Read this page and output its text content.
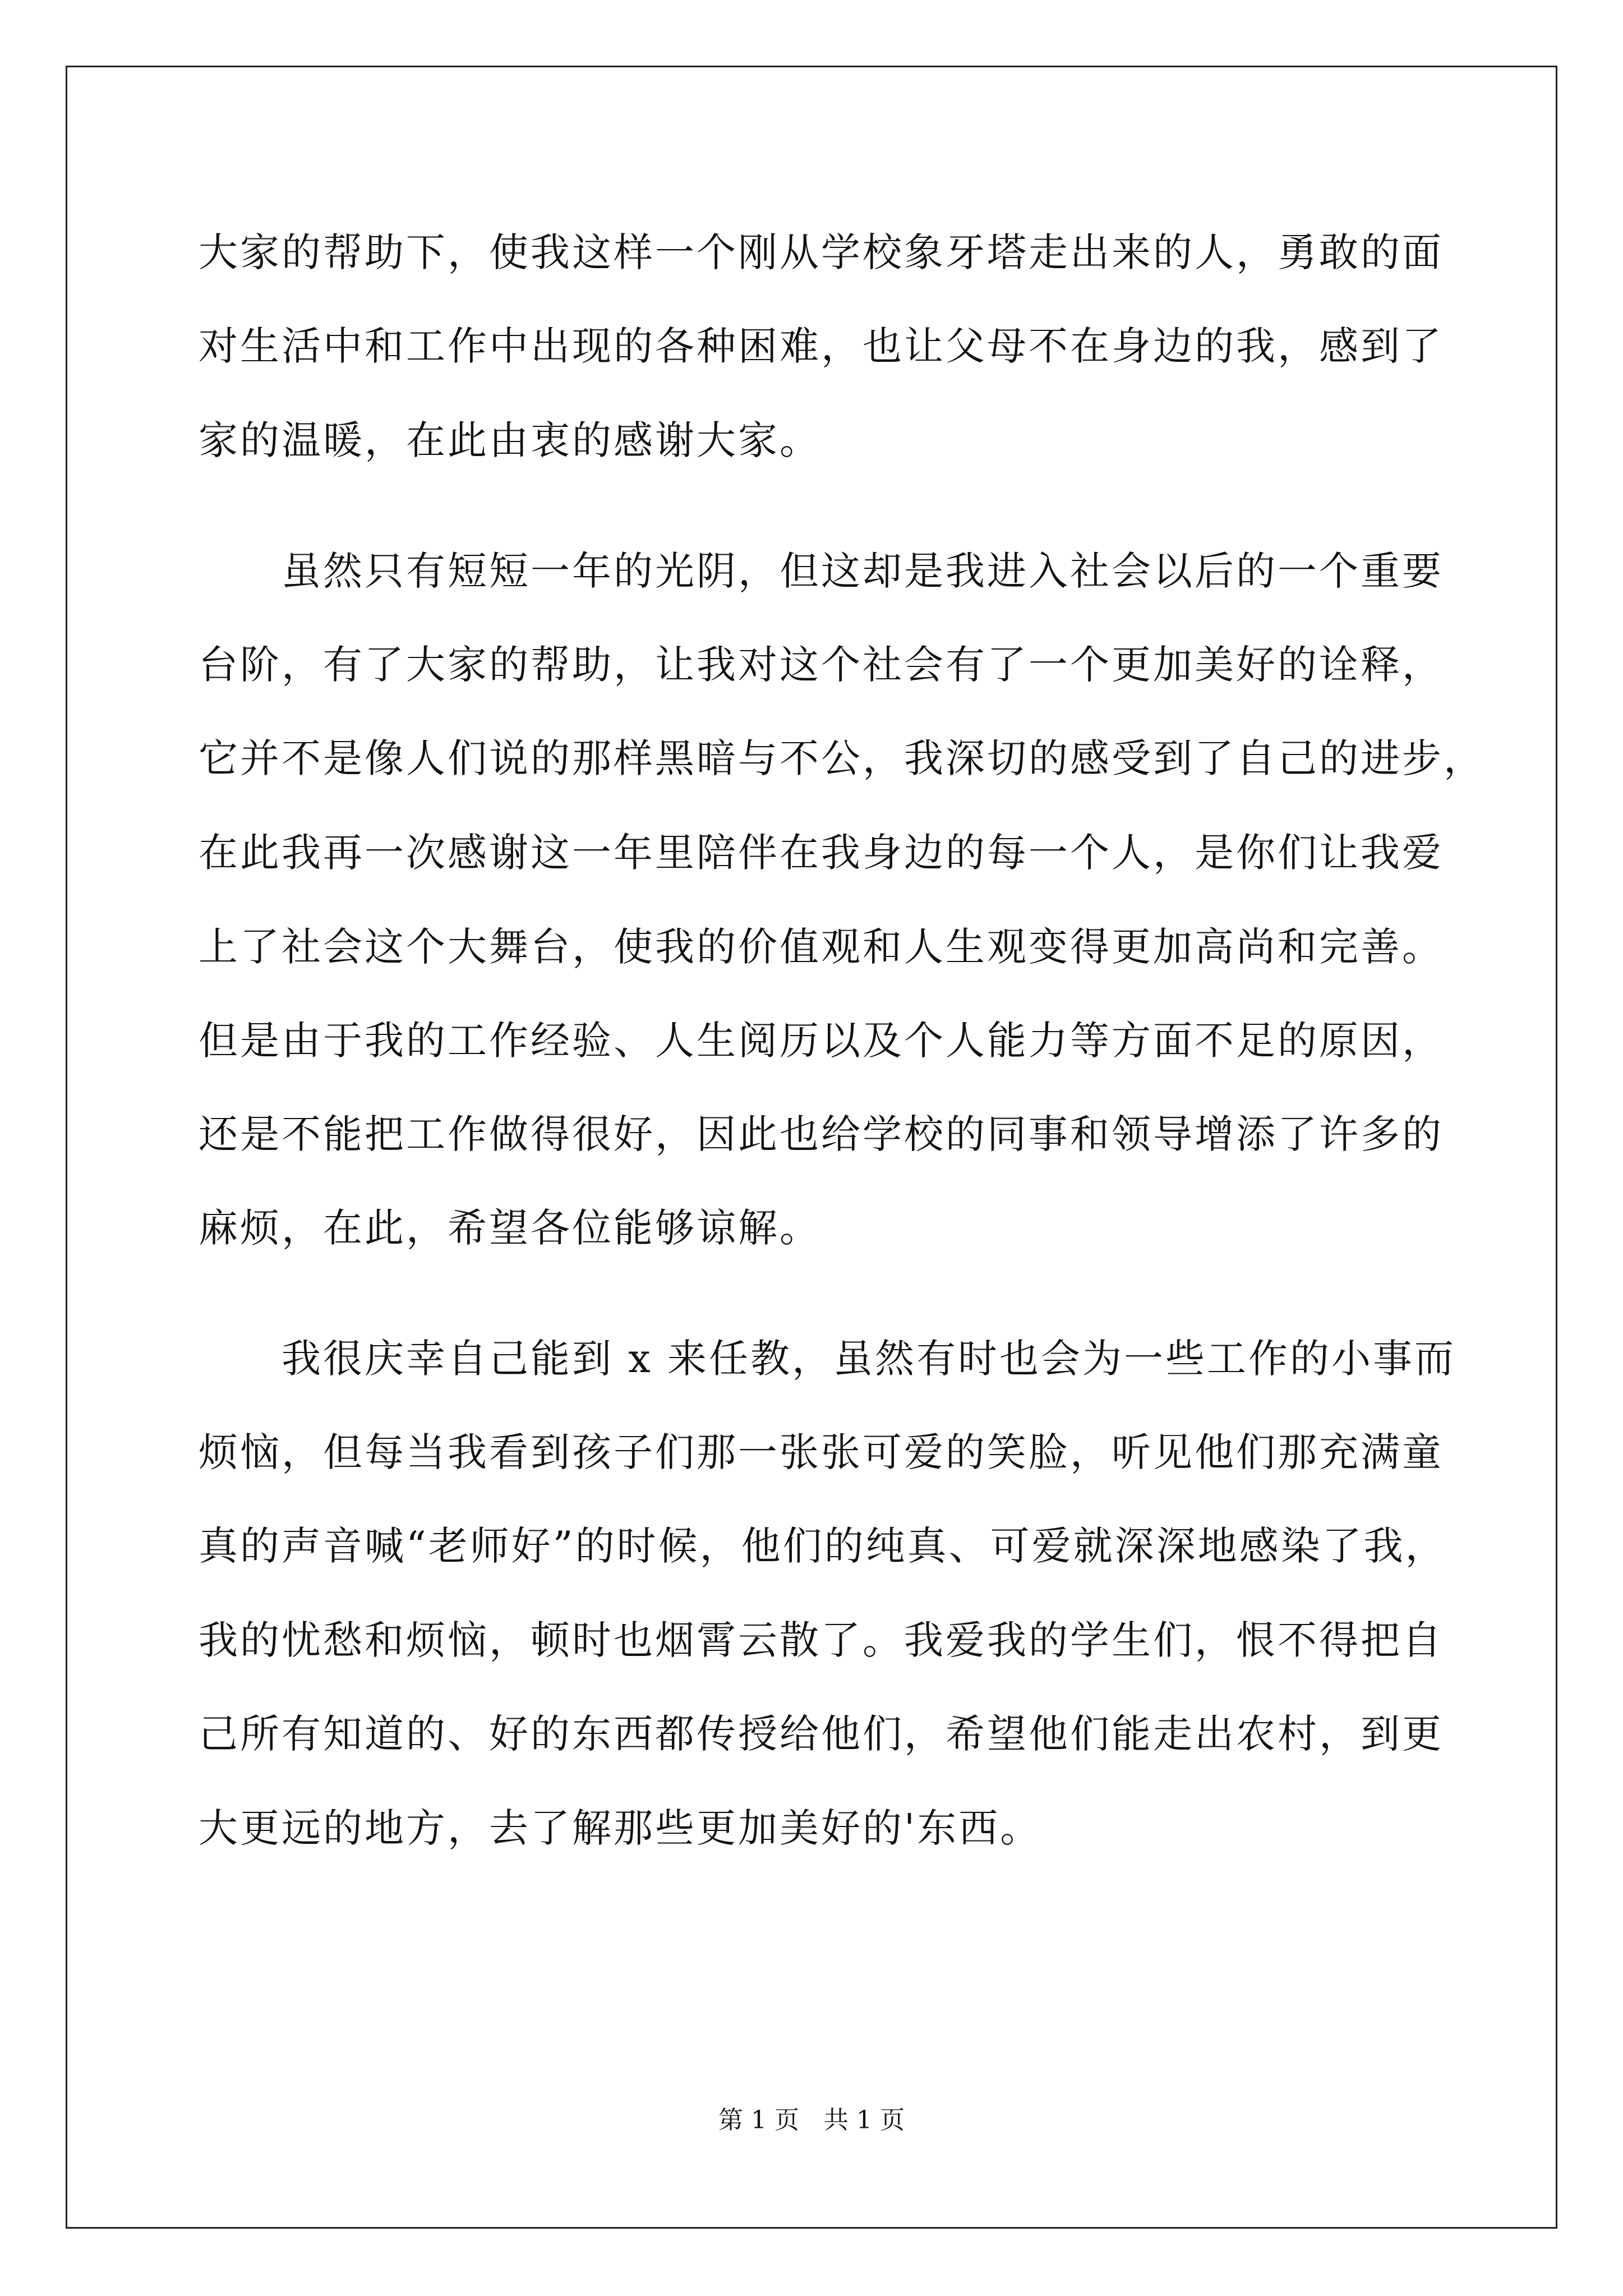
大家的帮助下，使我这样一个刚从学校象牙塔走出来的人，勇敢的面
对生活中和工作中出现的各种困难，也让父母不在身边的我，感到了
家的温暖，在此由衷的感谢大家。
　　虽然只有短短一年的光阴，但这却是我进入社会以后的一个重要
台阶，有了大家的帮助，让我对这个社会有了一个更加美好的诠释，
它并不是像人们说的那样黑暗与不公，我深切的感受到了自己的进步，
在此我再一次感谢这一年里陪伴在我身边的每一个人，是你们让我爱
上了社会这个大舞台，使我的价值观和人生观变得更加高尚和完善。
但是由于我的工作经验、人生阅历以及个人能力等方面不足的原因，
还是不能把工作做得很好，因此也给学校的同事和领导增添了许多的
麻烦，在此，希望各位能够谅解。
　　我很庆幸自己能到 x 来任教，虽然有时也会为一些工作的小事而
烦恼，但每当我看到孩子们那一张张可爱的笑脸，听见他们那充满童
真的声音喊“老师好”的时候，他们的纯真、可爱就深深地感染了我，
我的忧愁和烦恼，顿时也烟霄云散了。我爱我的学生们，恨不得把自
己所有知道的、好的东西都传授给他们，希望他们能走出农村，到更
大更远的地方，去了解那些更加美好的'东西。
第 1 页　共 1 页
